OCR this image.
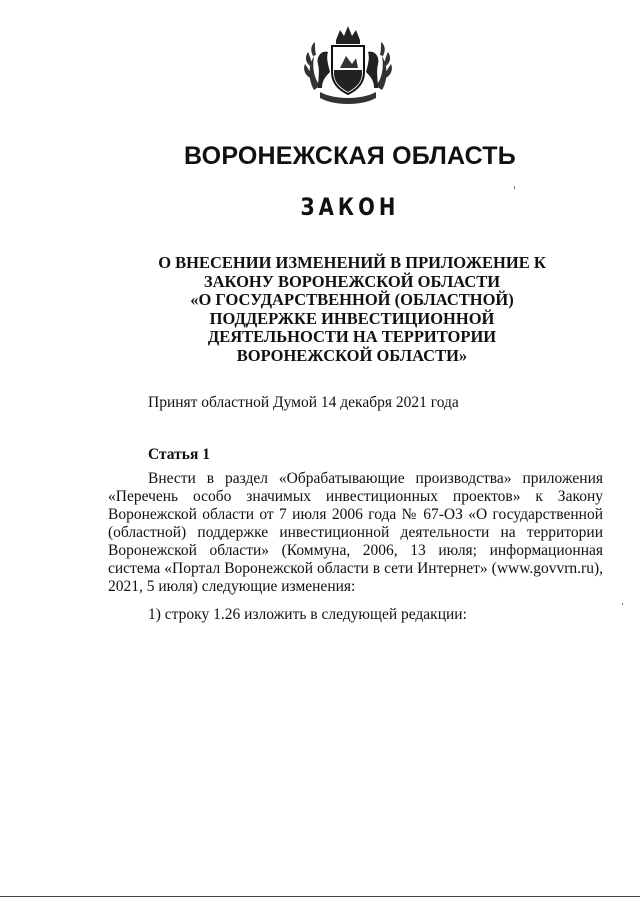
ВОРОНЕЖСКАЯ ОБЛАСТЬ
ЗАКОН
О ВНЕСЕНИИ ИЗМЕНЕНИЙ В ПРИЛОЖЕНИЕ К
ЗАКОНУ ВОРОНЕЖСКОЙ ОБЛАСТИ
«О ГОСУДАРСТВЕННОЙ (ОБЛАСТНОЙ)
ПОДДЕРЖКЕ ИНВЕСТИЦИОННОЙ
ДЕЯТЕЛЬНОСТИ НА ТЕРРИТОРИИ
ВОРОНЕЖСКОЙ ОБЛАСТИ»
Принят областной Думой 14 декабря 2021 года
Статья 1
Внести в раздел «Обрабатывающие производства» приложения «Перечень особо значимых инвестиционных проектов» к Закону Воронежской области от 7 июля 2006 года № 67-ОЗ «О государственной (областной) поддержке инвестиционной деятельности на территории Воронежской области» (Коммуна, 2006, 13 июля; информационная система «Портал Воронежской области в сети Интернет» (www.govvrn.ru), 2021, 5 июля) следующие изменения:
1) строку 1.26 изложить в следующей редакции:
